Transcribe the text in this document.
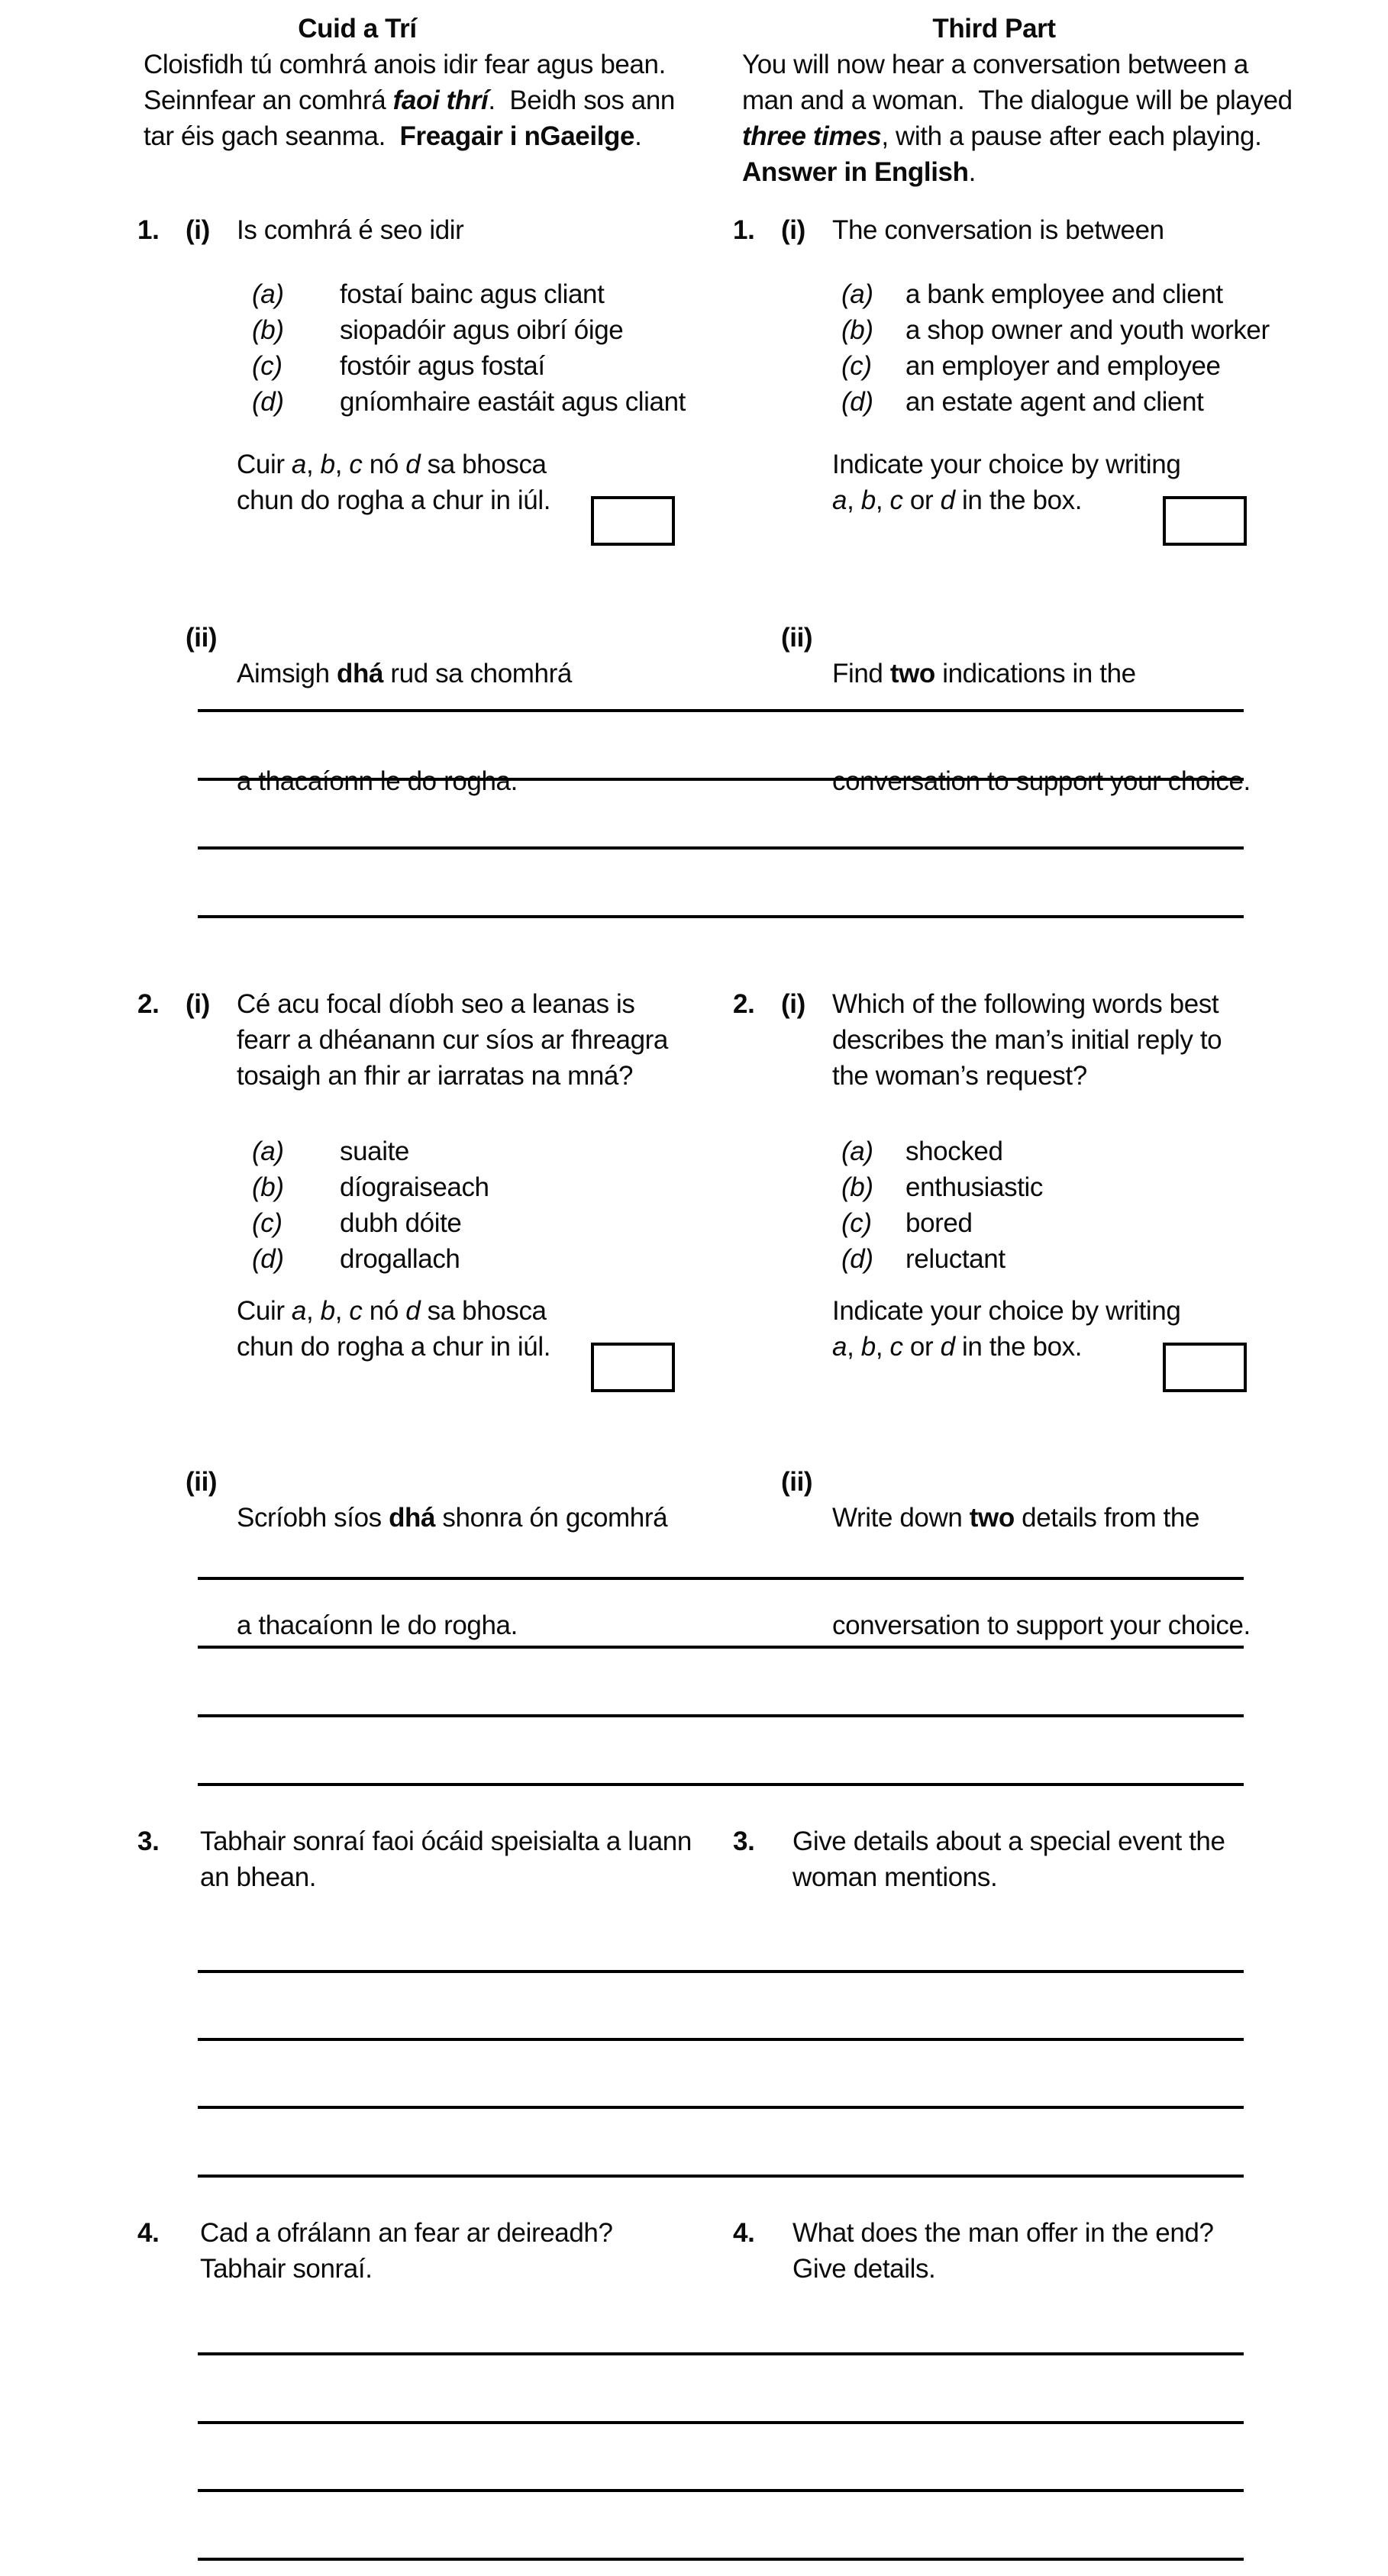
Cuid a Trí
Cloisfidh tú comhrá anois idir fear agus bean.
Seinnfear an comhrá faoi thrí.  Beidh sos ann
tar éis gach seanma.  Freagair i nGaeilge.
Third Part
You will now hear a conversation between a
man and a woman.  The dialogue will be played
three times, with a pause after each playing.
Answer in English.
1. (i) Is comhrá é seo idir
(a) fostaí bainc agus cliant
(b) siopadóir agus oibrí óige
(c) fostóir agus fostaí
(d) gníomhaire eastáit agus cliant
Cuir a, b, c nó d sa bhosca
chun do rogha a chur in iúl.

(ii)
Aimsigh dhá rud sa chomhrá

a thacaíonn le do rogha.

1. (i) The conversation is between
(a) a bank employee and client
(b) a shop owner and youth worker
(c) an employer and employee
(d) an estate agent and client
Indicate your choice by writing
a, b, c or d in the box.

(ii)
Find two indications in the

conversation to support your choice.

2. (i) Cé acu focal díobh seo a leanas is
fearr a dhéanann cur síos ar fhreagra
tosaigh an fhir ar iarratas na mná?
(a) suaite
(b) díograiseach
(c) dubh dóite
(d) drogallach
Cuir a, b, c nó d sa bhosca
chun do rogha a chur in iúl.

(ii)
Scríobh síos dhá shonra ón gcomhrá

a thacaíonn le do rogha.

2. (i) Which of the following words best
describes the man’s initial reply to
the woman’s request?
(a) shocked
(b) enthusiastic
(c) bored
(d) reluctant
Indicate your choice by writing
a, b, c or d in the box.

(ii)
Write down two details from the

conversation to support your choice.

3. Tabhair sonraí faoi ócáid speisialta a luann
an bhean.
3. Give details about a special event the
woman mentions.
4. Cad a ofrálann an fear ar deireadh?
Tabhair sonraí.
4. What does the man offer in the end?
Give details.
